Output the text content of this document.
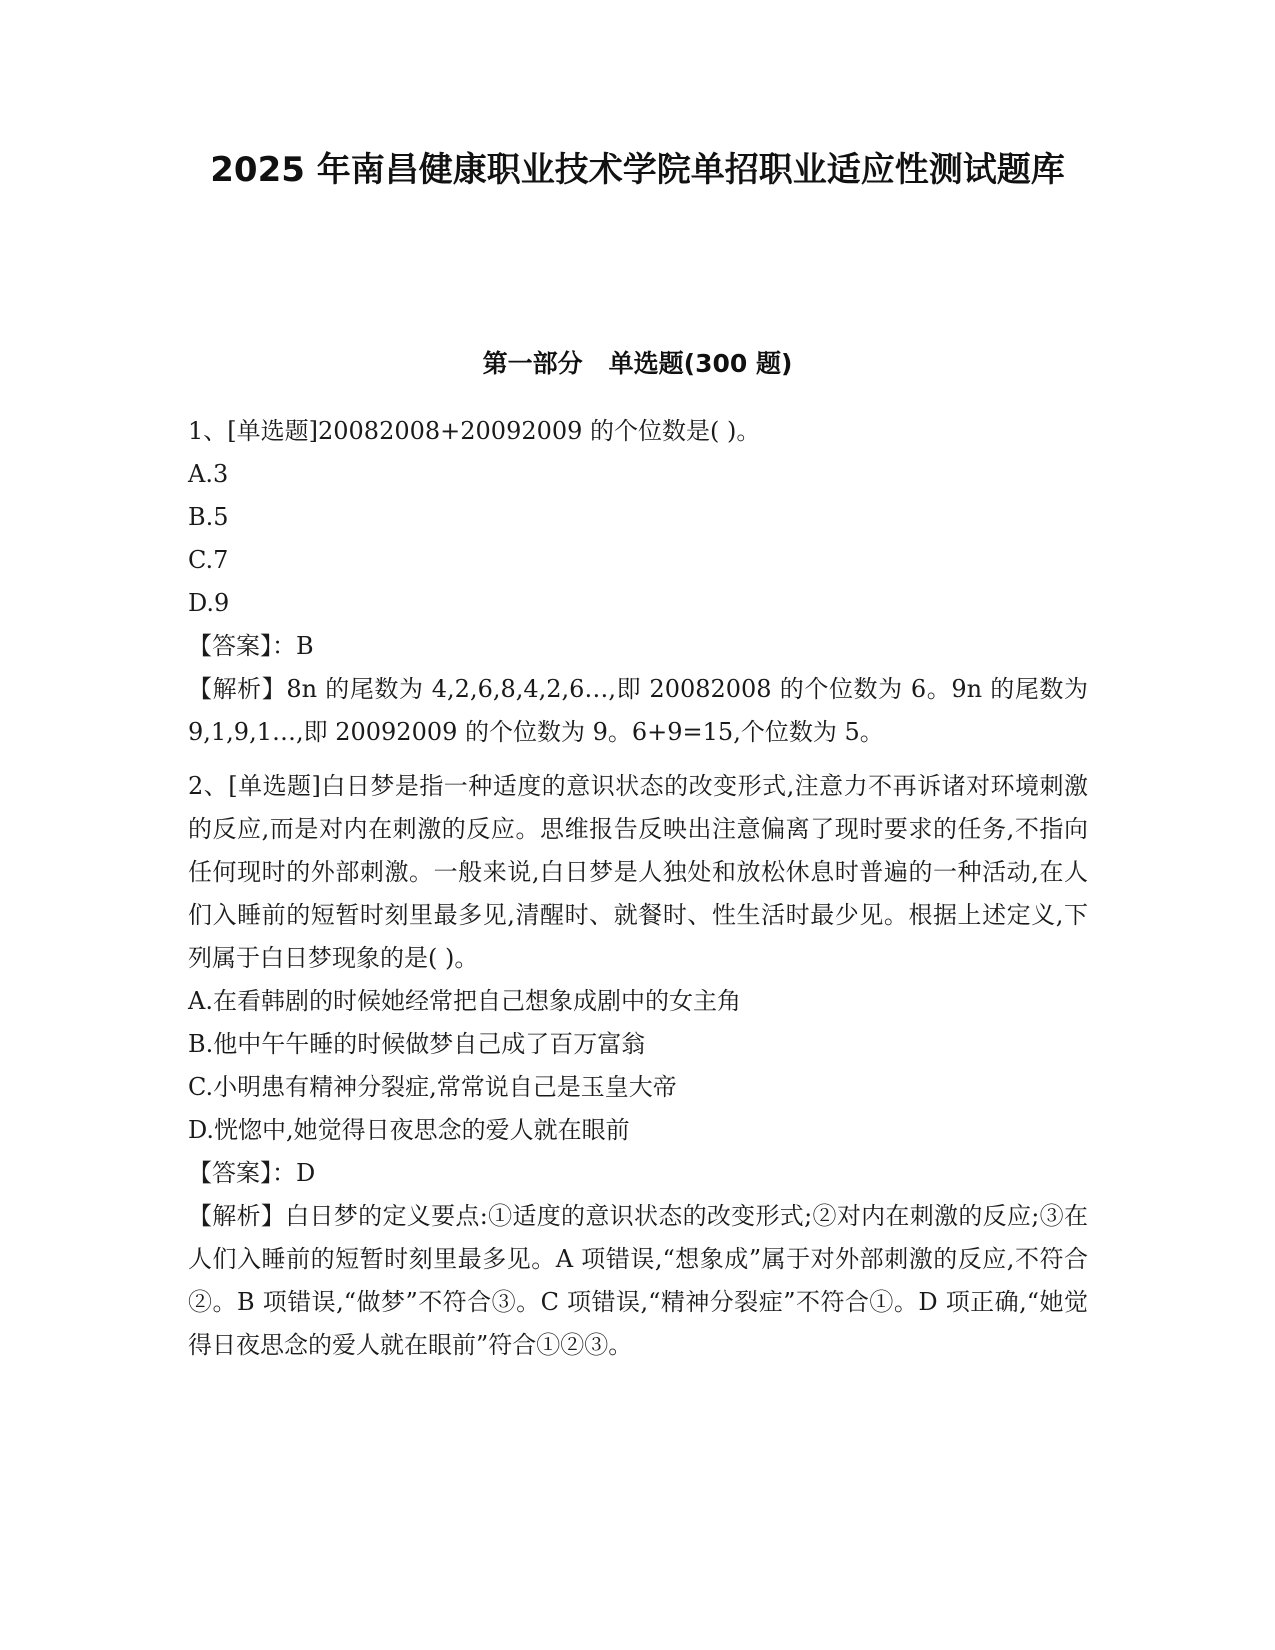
2025 年南昌健康职业技术学院单招职业适应性测试题库
第一部分   单选题(300 题)

1、[单选题]20082008+20092009 的个位数是( )。

A.3

B.5

C.7

D.9

【答案】：B

【解析】8n 的尾数为 4,2,6,8,4,2,6…,即 20082008 的个位数为 6。9n 的尾数为 9,1,9,1…,即 20092009 的个位数为 9。6+9=15,个位数为 5。

2、[单选题]白日梦是指一种适度的意识状态的改变形式,注意力不再诉诸对环境刺激的反应,而是对内在刺激的反应。思维报告反映出注意偏离了现时要求的任务,不指向任何现时的外部刺激。一般来说,白日梦是人独处和放松休息时普遍的一种活动,在人们入睡前的短暂时刻里最多见,清醒时、就餐时、性生活时最少见。根据上述定义,下列属于白日梦现象的是( )。

A.在看韩剧的时候她经常把自己想象成剧中的女主角

B.他中午午睡的时候做梦自己成了百万富翁

C.小明患有精神分裂症,常常说自己是玉皇大帝

D.恍惚中,她觉得日夜思念的爱人就在眼前

【答案】：D

【解析】白日梦的定义要点:①适度的意识状态的改变形式;②对内在刺激的反应;③在人们入睡前的短暂时刻里最多见。A 项错误,“想象成”属于对外部刺激的反应,不符合②。B 项错误,“做梦”不符合③。C 项错误,“精神分裂症”不符合①。D 项正确,“她觉得日夜思念的爱人就在眼前”符合①②③。
